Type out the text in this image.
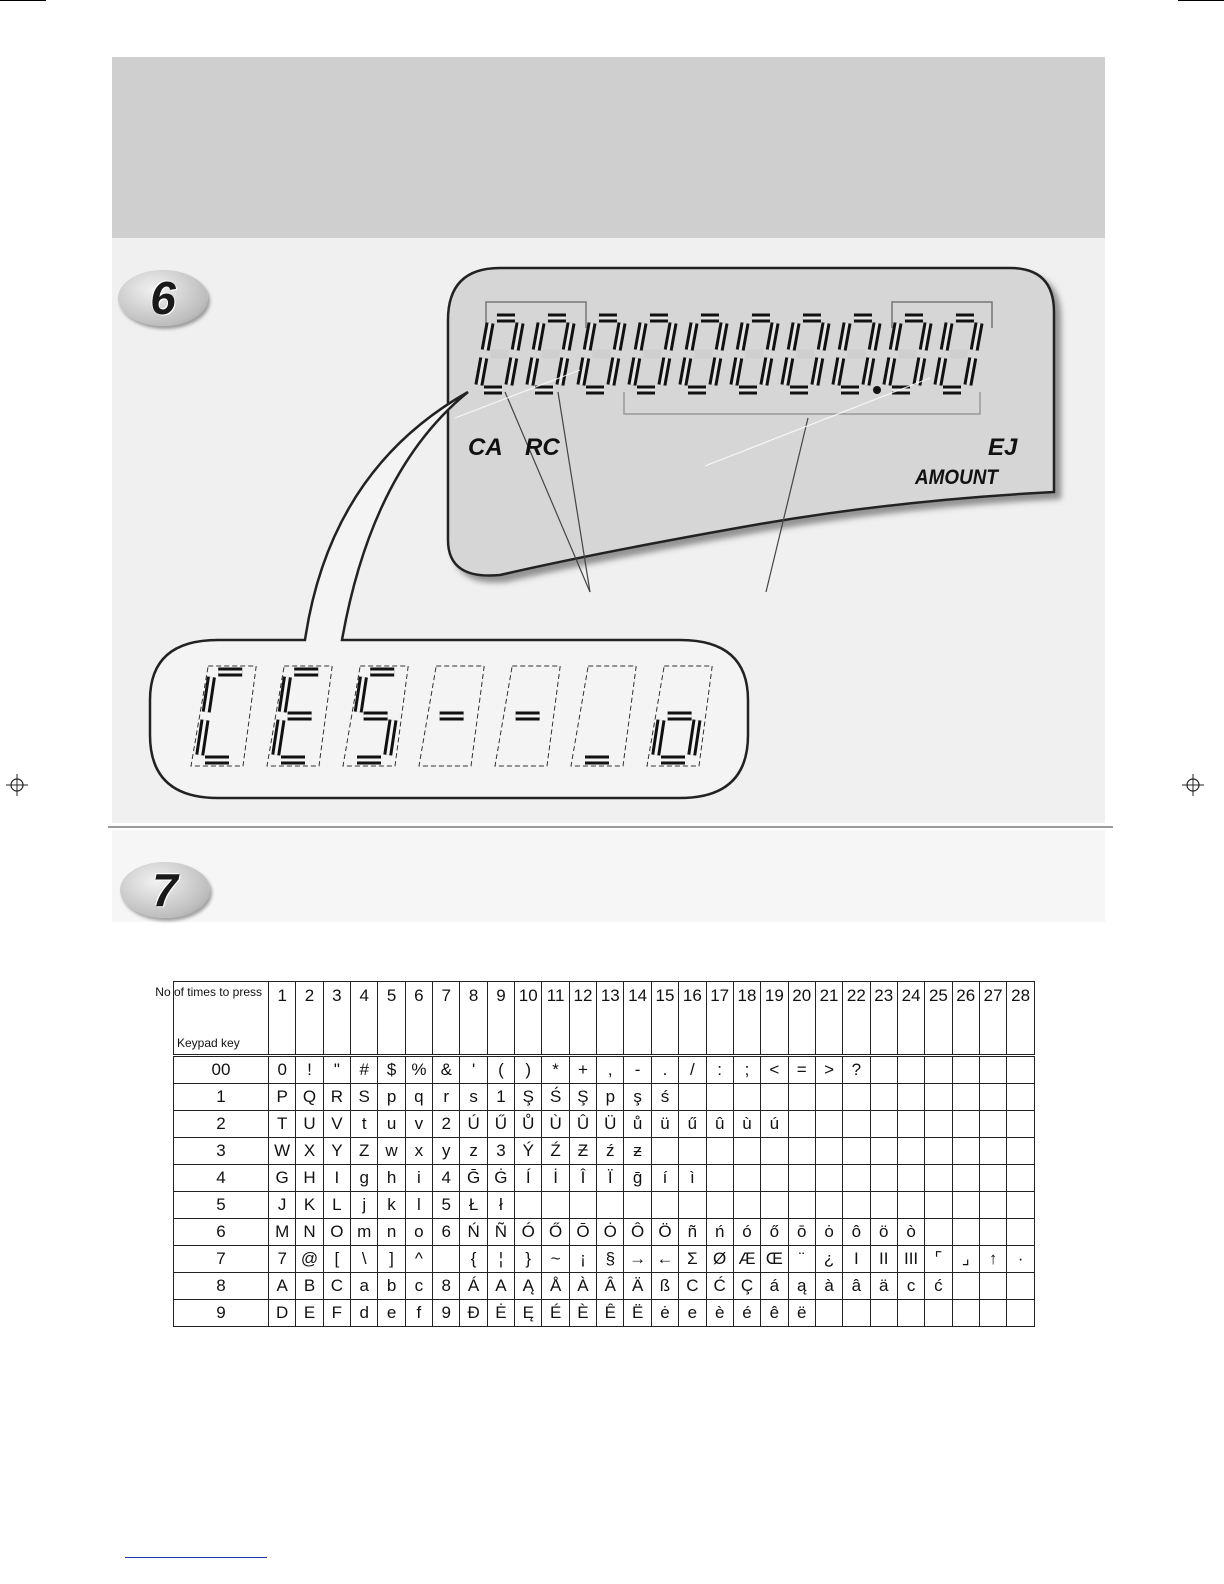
6
CA RC	EJ
AMOUNT
7
No of times to press
Keypad key	1	2	3	4	5	6	7	8	9	10	11	12	13	14	15	16	17	18	19	20	21	22	23	24	25	26	27	28
00	0	!	"	#	$	%	&	'	(	)	*	+	,	-	.	/	:	;	<	=	>	?						
1	P	Q	R	S	p	q	r	s	1	Ş	Ś	Ş	p	ş	ś													
2	T	U	V	t	u	v	2	Ú	Ű	Ů	Ù	Û	Ü	ů	ü	ű	û	ù	ú									
3	W	X	Y	Z	w	x	y	z	3	Ý	Ź	Ƶ	ź	ƶ														
4	G	H	I	g	h	i	4	Ḡ	Ġ	Í	İ	Î	Ï	ḡ	í	ì												
5	J	K	L	j	k	l	5	Ł	ł																			
6	M	N	O	m	n	o	6	Ń	Ñ	Ó	Ő	Ō	Ȯ	Ô	Ö	ñ	ń	ó	ő	ō	ȯ	ô	ö	ò				
7	7	@	[	\	]	^		{	¦	}	~	¡	§	→	←	Σ	Ø	Æ	Œ	¨	¿	I	II	III	⌜	⌟	↑	·
8	A	B	C	a	b	c	8	Á	A	Ą	Å	À	Â	Ä	ß	C	Ć	Ç	á	ą	à	â	ä	c	ć			
9	D	E	F	d	e	f	9	Đ	Ė	Ę	É	È	Ê	Ë	ė	e	è	é	ê	ë								
